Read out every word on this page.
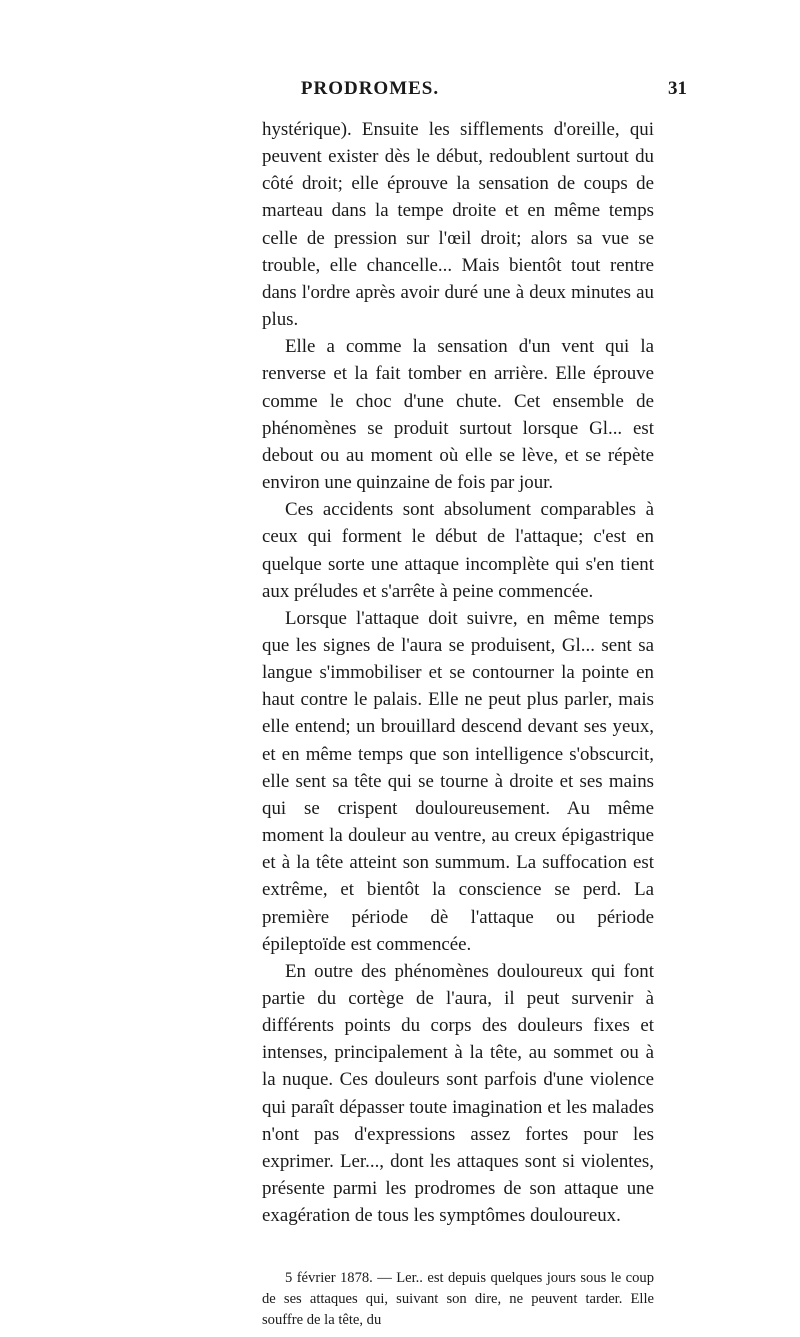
PRODROMES.	31

hystérique). Ensuite les sifflements d'oreille, qui peuvent exister dès le début, redoublent surtout du côté droit; elle éprouve la sensation de coups de marteau dans la tempe droite et en même temps celle de pression sur l'œil droit; alors sa vue se trouble, elle chancelle... Mais bientôt tout rentre dans l'ordre après avoir duré une à deux minutes au plus.

Elle a comme la sensation d'un vent qui la renverse et la fait tomber en arrière. Elle éprouve comme le choc d'une chute. Cet ensemble de phénomènes se produit surtout lorsque Gl... est debout ou au moment où elle se lève, et se répète environ une quinzaine de fois par jour.

Ces accidents sont absolument comparables à ceux qui forment le début de l'attaque; c'est en quelque sorte une attaque incomplète qui s'en tient aux préludes et s'arrête à peine commencée.

Lorsque l'attaque doit suivre, en même temps que les signes de l'aura se produisent, Gl... sent sa langue s'immobiliser et se contourner la pointe en haut contre le palais. Elle ne peut plus parler, mais elle entend; un brouillard descend devant ses yeux, et en même temps que son intelligence s'obscurcit, elle sent sa tête qui se tourne à droite et ses mains qui se crispent douloureusement. Au même moment la douleur au ventre, au creux épigastrique et à la tête atteint son summum. La suffocation est extrême, et bientôt la conscience se perd. La première période dè l'attaque ou période épileptoïde est commencée.

En outre des phénomènes douloureux qui font partie du cortège de l'aura, il peut survenir à différents points du corps des douleurs fixes et intenses, principalement à la tête, au sommet ou à la nuque. Ces douleurs sont parfois d'une violence qui paraît dépasser toute imagination et les malades n'ont pas d'expressions assez fortes pour les exprimer. Ler..., dont les attaques sont si violentes, présente parmi les prodromes de son attaque une exagération de tous les symptômes douloureux.

5 février 1878. — Ler.. est depuis quelques jours sous le coup de ses attaques qui, suivant son dire, ne peuvent tarder. Elle souffre de la tête, du
